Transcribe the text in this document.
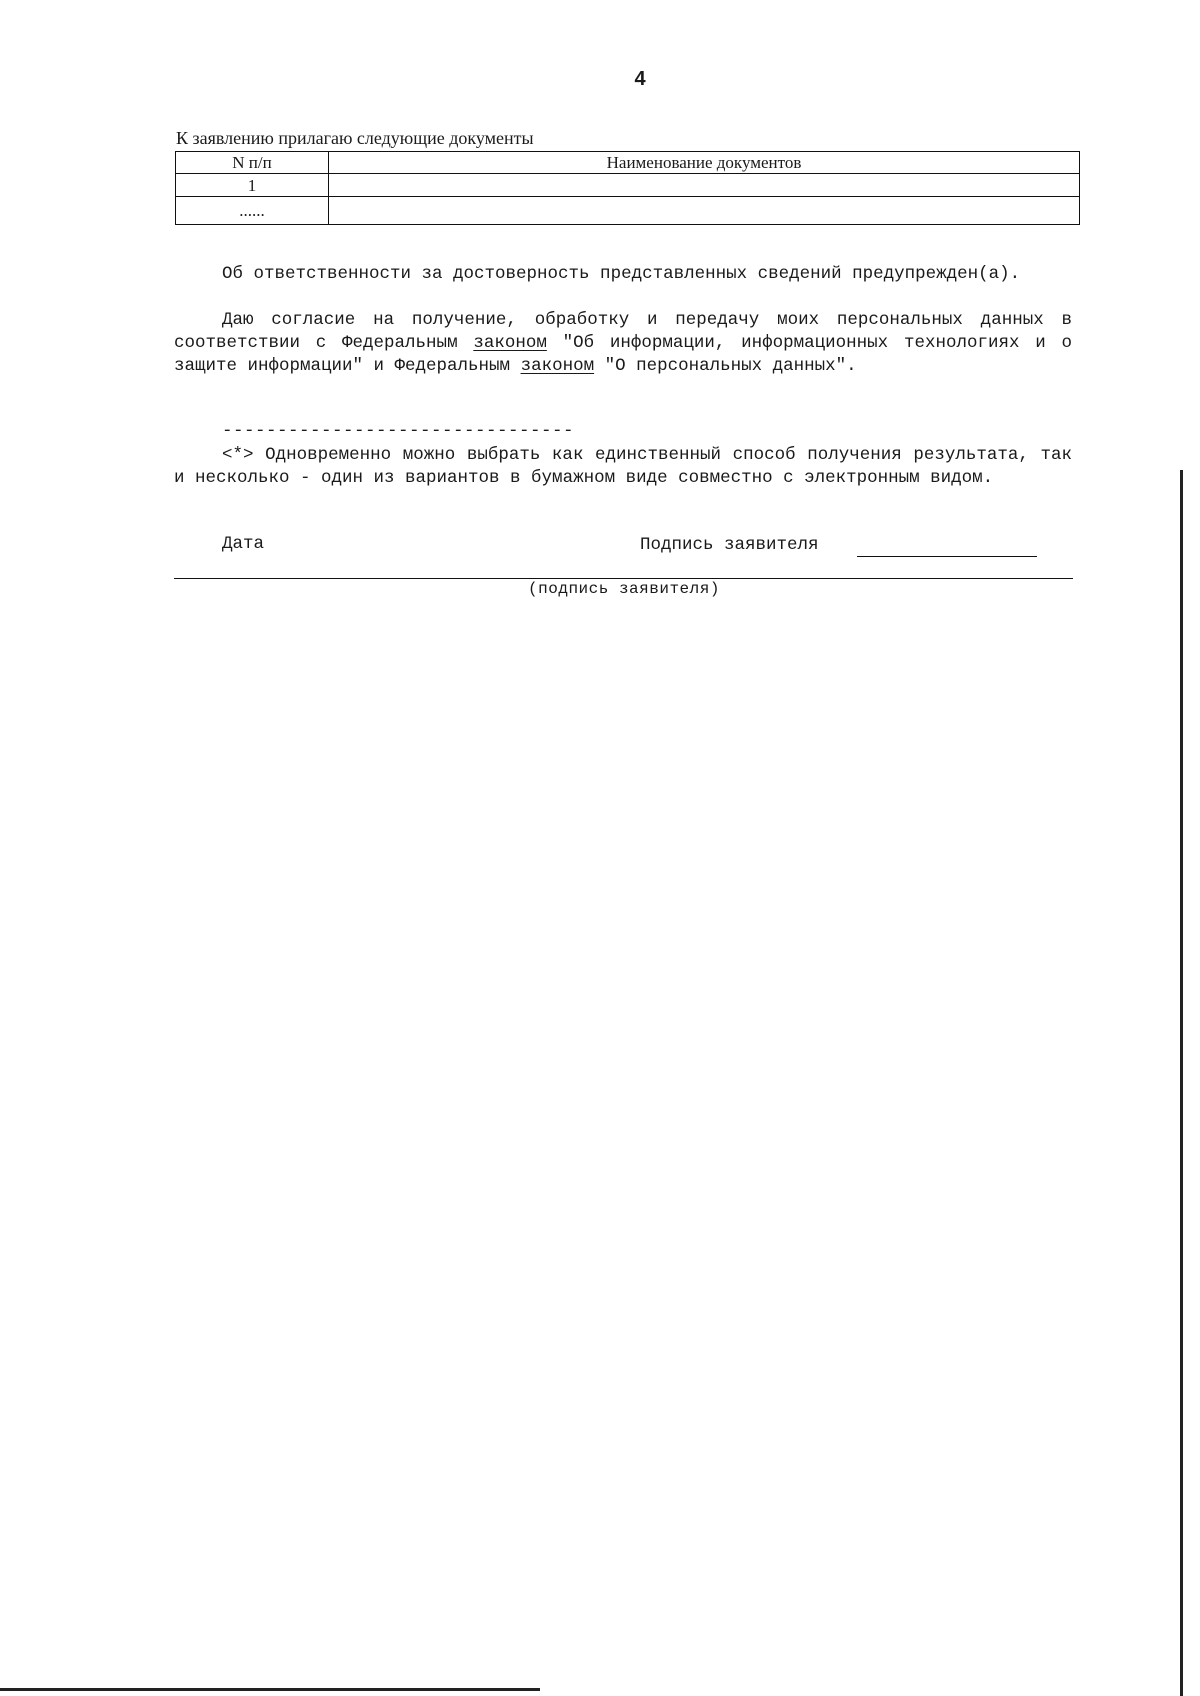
4
К заявлению прилагаю следующие документы
N п/п	Наименование документов
1	
......	
Об ответственности за достоверность представленных сведений предупрежден(а).
Даю согласие на получение, обработку и передачу моих персональных данных в соответствии с Федеральным законом "Об информации, информационных технологиях и о защите информации" и Федеральным законом "О персональных данных".
--------------------------------
<*> Одновременно можно выбрать как единственный способ получения результата, так и несколько - один из вариантов в бумажном виде совместно с электронным видом.
Дата	Подпись заявителя
(подпись заявителя)
